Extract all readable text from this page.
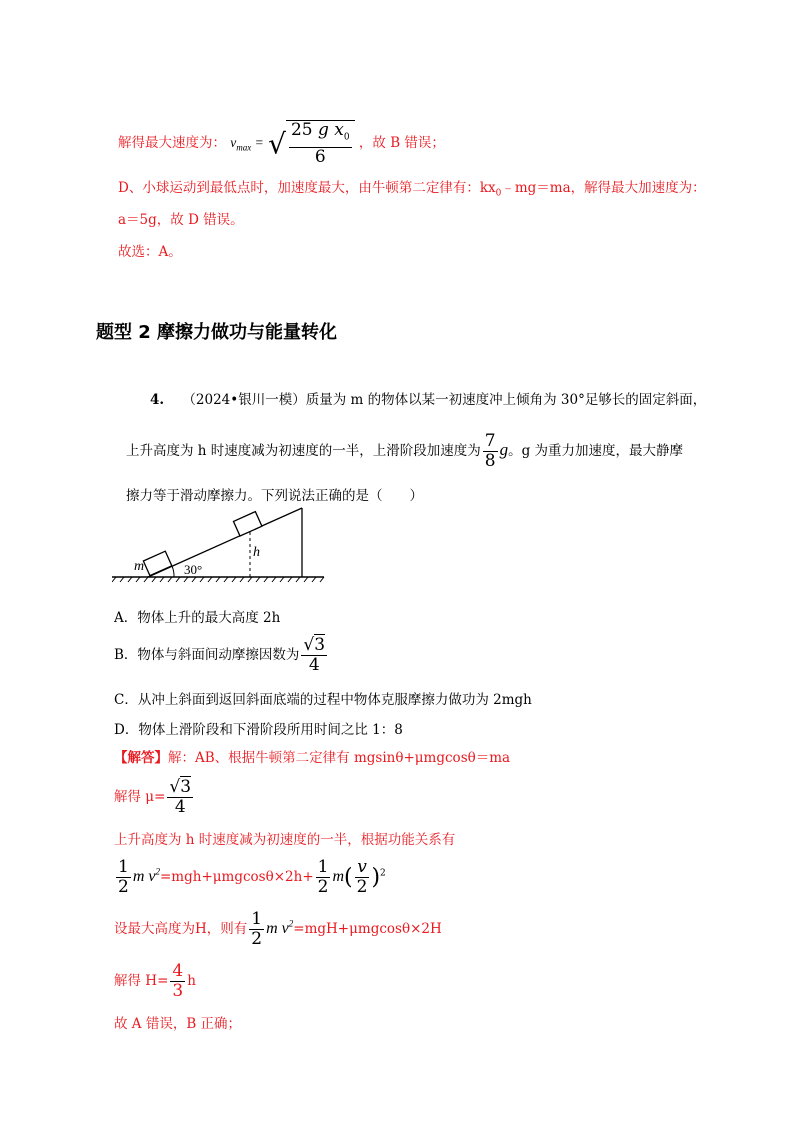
解得最大速度为： $v_{max}$ = √ $\frac{25 g x_0}{6}$ ，故 B 错误；
D、小球运动到最低点时，加速度最大，由牛顿第二定律有：$kx_0﹣mg=ma$，解得最大加速度为：
a＝5g，故 D 错误。
故选：A。
题型 2 摩擦力做功与能量转化
4. （2024•银川一模）质量为 m 的物体以某一初速度冲上倾角为 30°足够长的固定斜面，
上升高度为 h 时速度减为初速度的一半，上滑阶段加速度为 $\frac{7}{8}$ g。g 为重力加速度，最大静摩
擦力等于滑动摩擦力。下列说法正确的是（　　）
m	30°
h
A．物体上升的最大高度 2h
B．物体与斜面间动摩擦因数为 $\frac{√3}{4}$
C．从冲上斜面到返回斜面底端的过程中物体克服摩擦力做功为 2mgh
D．物体上滑阶段和下滑阶段所用时间之比 1：8
【解答】解：AB、根据牛顿第二定律有 mgsinθ+μmgcosθ＝ma
解得 $\mu= \frac{√3}{4}$
上升高度为 h 时速度减为初速度的一半，根据功能关系有
$\frac{1}{2}$ m $v^2=mgh+\mu mgcos\theta\times 2h+ \frac{1}{2} m( \frac{v}{2} )^2$
设最大高度为H，则有 $\frac{1}{2}$ m $v^2=mgH+\mu mgcos\theta\times 2H$
解得 $H= \frac{4}{3}$ h
故 A 错误，B 正确；
